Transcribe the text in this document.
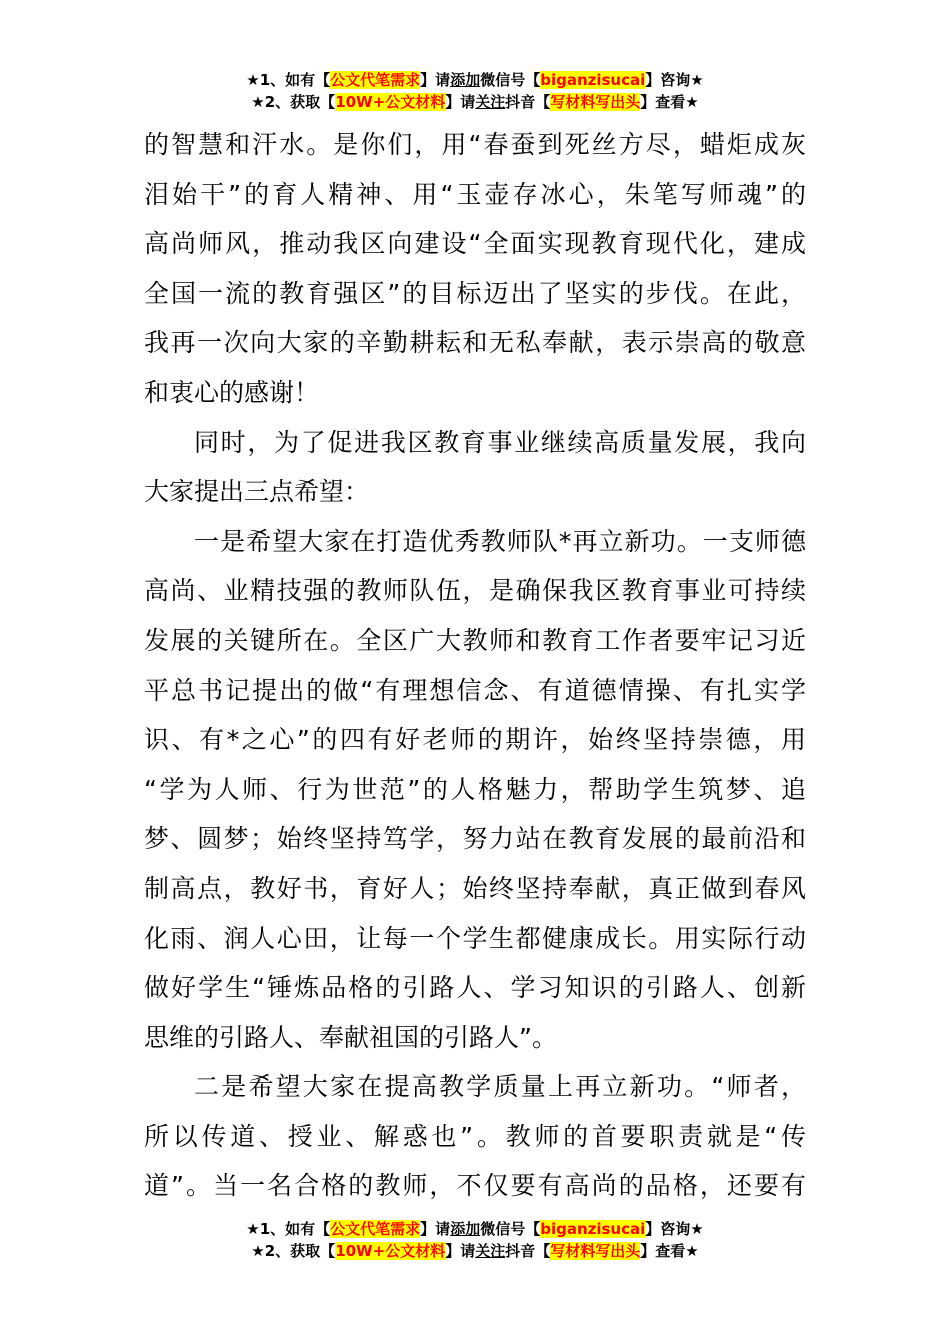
★1、如有【公文代笔需求】请添加微信号【biganzisucai】咨询★
★2、获取【10W+公文材料】请关注抖音【写材料写出头】查看★
的智慧和汗水。是你们，用“春蚕到死丝方尽，蜡炬成灰
泪始干”的育人精神、用“玉壶存冰心，朱笔写师魂”的
高尚师风，推动我区向建设“全面实现教育现代化，建成
全国一流的教育强区”的目标迈出了坚实的步伐。在此，
我再一次向大家的辛勤耕耘和无私奉献，表示崇高的敬意
和衷心的感谢！
同时，为了促进我区教育事业继续高质量发展，我向
大家提出三点希望：
一是希望大家在打造优秀教师队*再立新功。一支师德
高尚、业精技强的教师队伍，是确保我区教育事业可持续
发展的关键所在。全区广大教师和教育工作者要牢记习近
平总书记提出的做“有理想信念、有道德情操、有扎实学
识、有*之心”的四有好老师的期许，始终坚持崇德，用
“学为人师、行为世范”的人格魅力，帮助学生筑梦、追
梦、圆梦；始终坚持笃学，努力站在教育发展的最前沿和
制高点，教好书，育好人；始终坚持奉献，真正做到春风
化雨、润人心田，让每一个学生都健康成长。用实际行动
做好学生“锤炼品格的引路人、学习知识的引路人、创新
思维的引路人、奉献祖国的引路人”。
二是希望大家在提高教学质量上再立新功。“师者，
所以传道、授业、解惑也”。教师的首要职责就是“传
道”。当一名合格的教师，不仅要有高尚的品格，还要有
★1、如有【公文代笔需求】请添加微信号【biganzisucai】咨询★
★2、获取【10W+公文材料】请关注抖音【写材料写出头】查看★
